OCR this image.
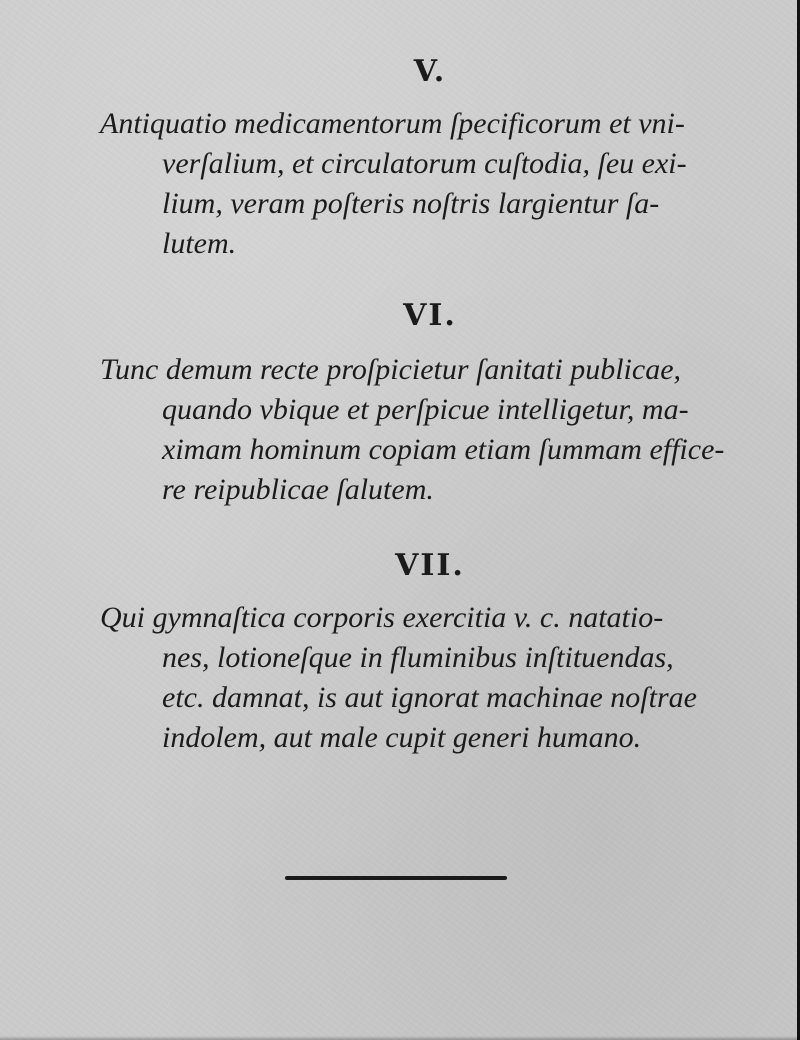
V.

Antiquatio medicamentorum ſpecificorum et vni-
verſalium, et circulatorum cuſtodia, ſeu exi-
lium, veram poſteris noſtris largientur ſa-
lutem.

VI.

Tunc demum recte proſpicietur ſanitati publicae,
quando vbique et perſpicue intelligetur, ma-
ximam hominum copiam etiam ſummam effice-
re reipublicae ſalutem.

VII.

Qui gymnaſtica corporis exercitia v. c. natatio-
nes, lotioneſque in fluminibus inſtituendas,
etc. damnat, is aut ignorat machinae noſtrae
indolem, aut male cupit generi humano.
